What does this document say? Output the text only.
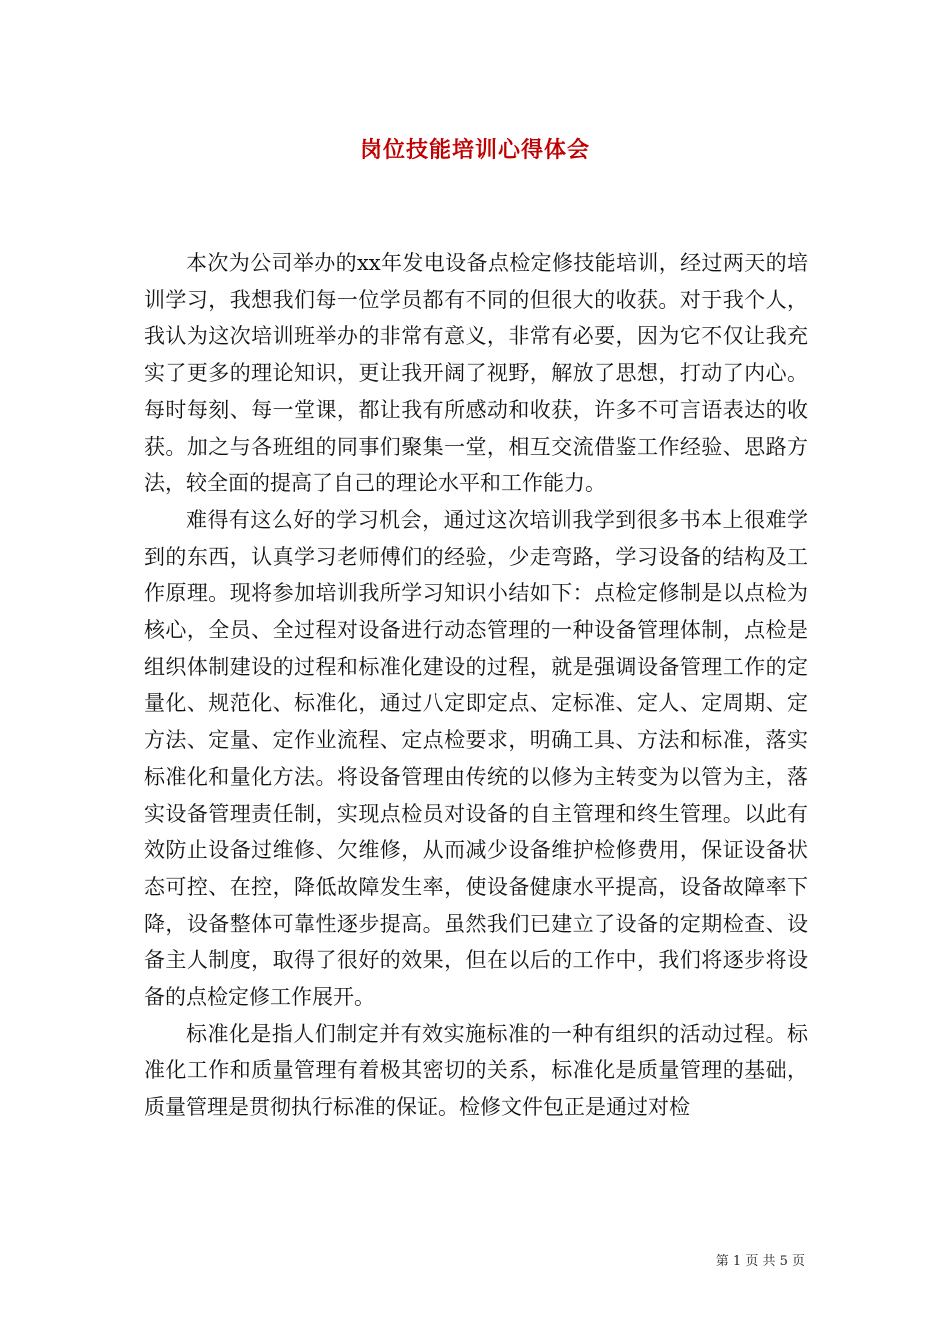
岗位技能培训心得体会

本次为公司举办的xx年发电设备点检定修技能培训，经过两天的培训学习，我想我们每一位学员都有不同的但很大的收获。对于我个人，我认为这次培训班举办的非常有意义，非常有必要，因为它不仅让我充实了更多的理论知识，更让我开阔了视野，解放了思想，打动了内心。每时每刻、每一堂课，都让我有所感动和收获，许多不可言语表达的收获。加之与各班组的同事们聚集一堂，相互交流借鉴工作经验、思路方法，较全面的提高了自己的理论水平和工作能力。

难得有这么好的学习机会，通过这次培训我学到很多书本上很难学到的东西，认真学习老师傅们的经验，少走弯路，学习设备的结构及工作原理。现将参加培训我所学习知识小结如下：点检定修制是以点检为核心，全员、全过程对设备进行动态管理的一种设备管理体制，点检是组织体制建设的过程和标准化建设的过程，就是强调设备管理工作的定量化、规范化、标准化，通过八定即定点、定标准、定人、定周期、定方法、定量、定作业流程、定点检要求，明确工具、方法和标准，落实标准化和量化方法。将设备管理由传统的以修为主转变为以管为主，落实设备管理责任制，实现点检员对设备的自主管理和终生管理。以此有效防止设备过维修、欠维修，从而减少设备维护检修费用，保证设备状态可控、在控，降低故障发生率，使设备健康水平提高，设备故障率下降，设备整体可靠性逐步提高。虽然我们已建立了设备的定期检查、设备主人制度，取得了很好的效果，但在以后的工作中，我们将逐步将设备的点检定修工作展开。

标准化是指人们制定并有效实施标准的一种有组织的活动过程。标准化工作和质量管理有着极其密切的关系，标准化是质量管理的基础，质量管理是贯彻执行标准的保证。检修文件包正是通过对检

第 1 页 共 5 页
